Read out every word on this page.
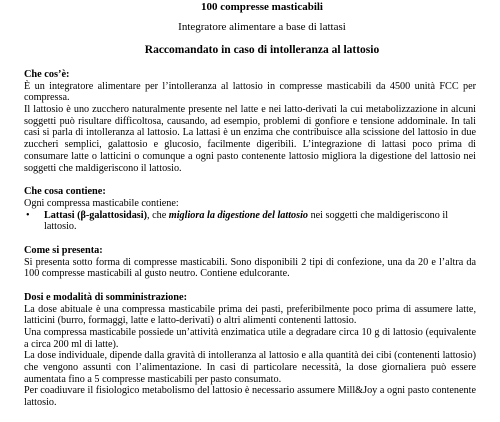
100 compresse masticabili

Integratore alimentare a base di lattasi

Raccomandato in caso di intolleranza al lattosio

Che cos’è:

È un integratore alimentare per l’intolleranza al lattosio in compresse masticabili da 4500 unità FCC per compressa.

Il lattosio è uno zucchero naturalmente presente nel latte e nei latto-derivati la cui metabolizzazione in alcuni soggetti può risultare difficoltosa, causando, ad esempio, problemi di gonfiore e tensione addominale. In tali casi si parla di intolleranza al lattosio. La lattasi è un enzima che contribuisce alla scissione del lattosio in due zuccheri semplici, galattosio e glucosio, facilmente digeribili. L’integrazione di lattasi poco prima di consumare latte o latticini o comunque a ogni pasto contenente lattosio migliora la digestione del lattosio nei soggetti che maldigeriscono il lattosio.

Che cosa contiene:

Ogni compressa masticabile contiene:

•	Lattasi (β-galattosidasi), che migliora la digestione del lattosio nei soggetti che maldigeriscono il lattosio.

Come si presenta:

Si presenta sotto forma di compresse masticabili. Sono disponibili 2 tipi di confezione, una da 20 e l’altra da 100 compresse masticabili al gusto neutro. Contiene edulcorante.

Dosi e modalità di somministrazione:

La dose abituale è una compressa masticabile prima dei pasti, preferibilmente poco prima di assumere latte, latticini (burro, formaggi, latte e latto-derivati) o altri alimenti contenenti lattosio.

Una compressa masticabile possiede un’attività enzimatica utile a degradare circa 10 g di lattosio (equivalente a circa 200 ml di latte).

La dose individuale, dipende dalla gravità di intolleranza al lattosio e alla quantità dei cibi (contenenti lattosio) che vengono assunti con l’alimentazione. In casi di particolare necessità, la dose giornaliera può essere aumentata fino a 5 compresse masticabili per pasto consumato.

Per coadiuvare il fisiologico metabolismo del lattosio è necessario assumere Mill&Joy a ogni pasto contenente lattosio.
